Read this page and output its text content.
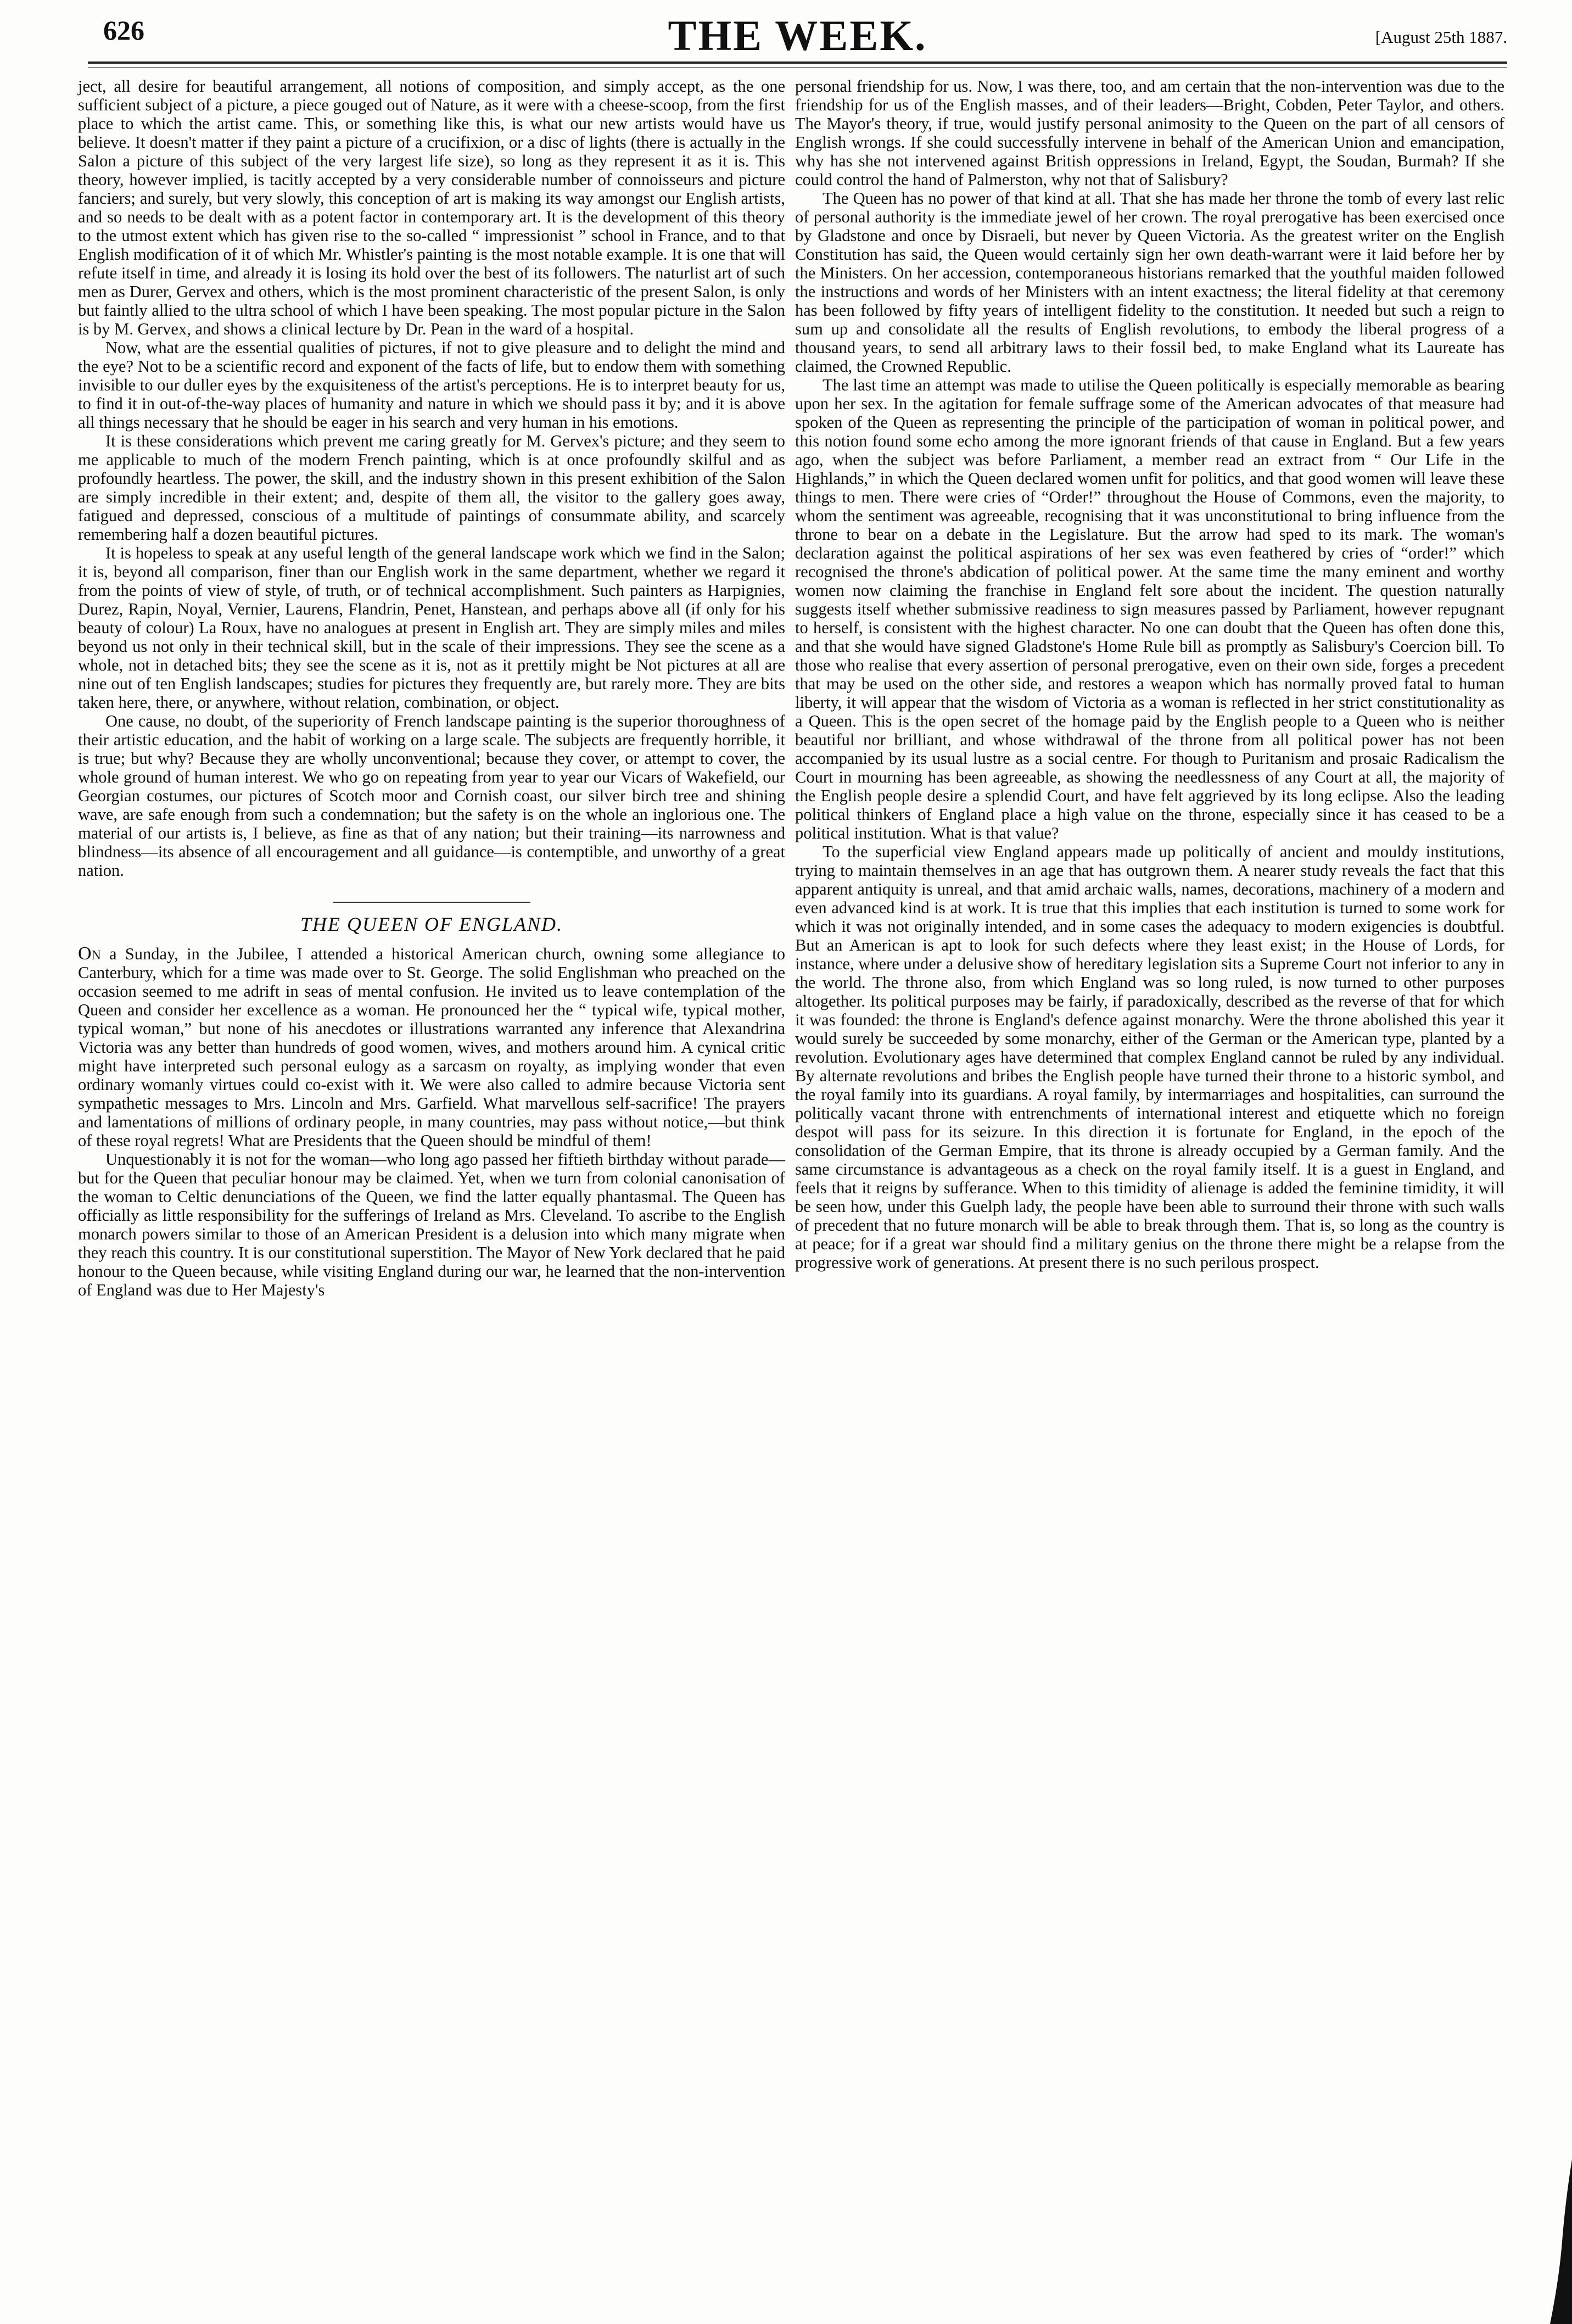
626	THE WEEK.	[August 25th 1887.

ject, all desire for beautiful arrangement, all notions of composition, and simply accept, as the one sufficient subject of a picture, a piece gouged out of Nature, as it were with a cheese-scoop, from the first place to which the artist came. This, or something like this, is what our new artists would have us believe. It doesn't matter if they paint a picture of a crucifixion, or a disc of lights (there is actually in the Salon a picture of this subject of the very largest life size), so long as they represent it as it is. This theory, however implied, is tacitly accepted by a very considerable number of connoisseurs and picture fanciers; and surely, but very slowly, this conception of art is making its way amongst our English artists, and so needs to be dealt with as a potent factor in contemporary art. It is the development of this theory to the utmost extent which has given rise to the so-called “ impressionist ” school in France, and to that English modification of it of which Mr. Whistler's painting is the most notable example. It is one that will refute itself in time, and already it is losing its hold over the best of its followers. The naturlist art of such men as Durer, Gervex and others, which is the most prominent characteristic of the present Salon, is only but faintly allied to the ultra school of which I have been speaking. The most popular picture in the Salon is by M. Gervex, and shows a clinical lecture by Dr. Pean in the ward of a hospital.

Now, what are the essential qualities of pictures, if not to give pleasure and to delight the mind and the eye? Not to be a scientific record and exponent of the facts of life, but to endow them with something invisible to our duller eyes by the exquisiteness of the artist's perceptions. He is to interpret beauty for us, to find it in out-of-the-way places of humanity and nature in which we should pass it by; and it is above all things necessary that he should be eager in his search and very human in his emotions.

It is these considerations which prevent me caring greatly for M. Gervex's picture; and they seem to me applicable to much of the modern French painting, which is at once profoundly skilful and as profoundly heartless. The power, the skill, and the industry shown in this present exhibition of the Salon are simply incredible in their extent; and, despite of them all, the visitor to the gallery goes away, fatigued and depressed, conscious of a multitude of paintings of consummate ability, and scarcely remembering half a dozen beautiful pictures.

It is hopeless to speak at any useful length of the general landscape work which we find in the Salon; it is, beyond all comparison, finer than our English work in the same department, whether we regard it from the points of view of style, of truth, or of technical accomplishment. Such painters as Harpignies, Durez, Rapin, Noyal, Vernier, Laurens, Flandrin, Penet, Hanstean, and perhaps above all (if only for his beauty of colour) La Roux, have no analogues at present in English art. They are simply miles and miles beyond us not only in their technical skill, but in the scale of their impressions. They see the scene as a whole, not in detached bits; they see the scene as it is, not as it prettily might be Not pictures at all are nine out of ten English landscapes; studies for pictures they frequently are, but rarely more. They are bits taken here, there, or anywhere, without relation, combination, or object.

One cause, no doubt, of the superiority of French landscape painting is the superior thoroughness of their artistic education, and the habit of working on a large scale. The subjects are frequently horrible, it is true; but why? Because they are wholly unconventional; because they cover, or attempt to cover, the whole ground of human interest. We who go on repeating from year to year our Vicars of Wakefield, our Georgian costumes, our pictures of Scotch moor and Cornish coast, our silver birch tree and shining wave, are safe enough from such a condemnation; but the safety is on the whole an inglorious one. The material of our artists is, I believe, as fine as that of any nation; but their training—its narrowness and blindness—its absence of all encouragement and all guidance—is contemptible, and unworthy of a great nation.

THE QUEEN OF ENGLAND.

On a Sunday, in the Jubilee, I attended a historical American church, owning some allegiance to Canterbury, which for a time was made over to St. George. The solid Englishman who preached on the occasion seemed to me adrift in seas of mental confusion. He invited us to leave contemplation of the Queen and consider her excellence as a woman. He pronounced her the “ typical wife, typical mother, typical woman,” but none of his anecdotes or illustrations warranted any inference that Alexandrina Victoria was any better than hundreds of good women, wives, and mothers around him. A cynical critic might have interpreted such personal eulogy as a sarcasm on royalty, as implying wonder that even ordinary womanly virtues could co-exist with it. We were also called to admire because Victoria sent sympathetic messages to Mrs. Lincoln and Mrs. Garfield. What marvellous self-sacrifice! The prayers and lamentations of millions of ordinary people, in many countries, may pass without notice,—but think of these royal regrets! What are Presidents that the Queen should be mindful of them!

Unquestionably it is not for the woman—who long ago passed her fiftieth birthday without parade—but for the Queen that peculiar honour may be claimed. Yet, when we turn from colonial canonisation of the woman to Celtic denunciations of the Queen, we find the latter equally phantasmal. The Queen has officially as little responsibility for the sufferings of Ireland as Mrs. Cleveland. To ascribe to the English monarch powers similar to those of an American President is a delusion into which many migrate when they reach this country. It is our constitutional superstition. The Mayor of New York declared that he paid honour to the Queen because, while visiting England during our war, he learned that the non-intervention of England was due to Her Majesty's

personal friendship for us. Now, I was there, too, and am certain that the non-intervention was due to the friendship for us of the English masses, and of their leaders—Bright, Cobden, Peter Taylor, and others. The Mayor's theory, if true, would justify personal animosity to the Queen on the part of all censors of English wrongs. If she could successfully intervene in behalf of the American Union and emancipation, why has she not intervened against British oppressions in Ireland, Egypt, the Soudan, Burmah? If she could control the hand of Palmerston, why not that of Salisbury?

The Queen has no power of that kind at all. That she has made her throne the tomb of every last relic of personal authority is the immediate jewel of her crown. The royal prerogative has been exercised once by Gladstone and once by Disraeli, but never by Queen Victoria. As the greatest writer on the English Constitution has said, the Queen would certainly sign her own death-warrant were it laid before her by the Ministers. On her accession, contemporaneous historians remarked that the youthful maiden followed the instructions and words of her Ministers with an intent exactness; the literal fidelity at that ceremony has been followed by fifty years of intelligent fidelity to the constitution. It needed but such a reign to sum up and consolidate all the results of English revolutions, to embody the liberal progress of a thousand years, to send all arbitrary laws to their fossil bed, to make England what its Laureate has claimed, the Crowned Republic.

The last time an attempt was made to utilise the Queen politically is especially memorable as bearing upon her sex. In the agitation for female suffrage some of the American advocates of that measure had spoken of the Queen as representing the principle of the participation of woman in political power, and this notion found some echo among the more ignorant friends of that cause in England. But a few years ago, when the subject was before Parliament, a member read an extract from “ Our Life in the Highlands,” in which the Queen declared women unfit for politics, and that good women will leave these things to men. There were cries of “Order!” throughout the House of Commons, even the majority, to whom the sentiment was agreeable, recognising that it was unconstitutional to bring influence from the throne to bear on a debate in the Legislature. But the arrow had sped to its mark. The woman's declaration against the political aspirations of her sex was even feathered by cries of “order!” which recognised the throne's abdication of political power. At the same time the many eminent and worthy women now claiming the franchise in England felt sore about the incident. The question naturally suggests itself whether submissive readiness to sign measures passed by Parliament, however repugnant to herself, is consistent with the highest character. No one can doubt that the Queen has often done this, and that she would have signed Gladstone's Home Rule bill as promptly as Salisbury's Coercion bill. To those who realise that every assertion of personal prerogative, even on their own side, forges a precedent that may be used on the other side, and restores a weapon which has normally proved fatal to human liberty, it will appear that the wisdom of Victoria as a woman is reflected in her strict constitutionality as a Queen. This is the open secret of the homage paid by the English people to a Queen who is neither beautiful nor brilliant, and whose withdrawal of the throne from all political power has not been accompanied by its usual lustre as a social centre. For though to Puritanism and prosaic Radicalism the Court in mourning has been agreeable, as showing the needlessness of any Court at all, the majority of the English people desire a splendid Court, and have felt aggrieved by its long eclipse. Also the leading political thinkers of England place a high value on the throne, especially since it has ceased to be a political institution. What is that value?

To the superficial view England appears made up politically of ancient and mouldy institutions, trying to maintain themselves in an age that has outgrown them. A nearer study reveals the fact that this apparent antiquity is unreal, and that amid archaic walls, names, decorations, machinery of a modern and even advanced kind is at work. It is true that this implies that each institution is turned to some work for which it was not originally intended, and in some cases the adequacy to modern exigencies is doubtful. But an American is apt to look for such defects where they least exist; in the House of Lords, for instance, where under a delusive show of hereditary legislation sits a Supreme Court not inferior to any in the world. The throne also, from which England was so long ruled, is now turned to other purposes altogether. Its political purposes may be fairly, if paradoxically, described as the reverse of that for which it was founded: the throne is England's defence against monarchy. Were the throne abolished this year it would surely be succeeded by some monarchy, either of the German or the American type, planted by a revolution. Evolutionary ages have determined that complex England cannot be ruled by any individual. By alternate revolutions and bribes the English people have turned their throne to a historic symbol, and the royal family into its guardians. A royal family, by intermarriages and hospitalities, can surround the politically vacant throne with entrenchments of international interest and etiquette which no foreign despot will pass for its seizure. In this direction it is fortunate for England, in the epoch of the consolidation of the German Empire, that its throne is already occupied by a German family. And the same circumstance is advantageous as a check on the royal family itself. It is a guest in England, and feels that it reigns by sufferance. When to this timidity of alienage is added the feminine timidity, it will be seen how, under this Guelph lady, the people have been able to surround their throne with such walls of precedent that no future monarch will be able to break through them. That is, so long as the country is at peace; for if a great war should find a military genius on the throne there might be a relapse from the progressive work of generations. At present there is no such perilous prospect.
